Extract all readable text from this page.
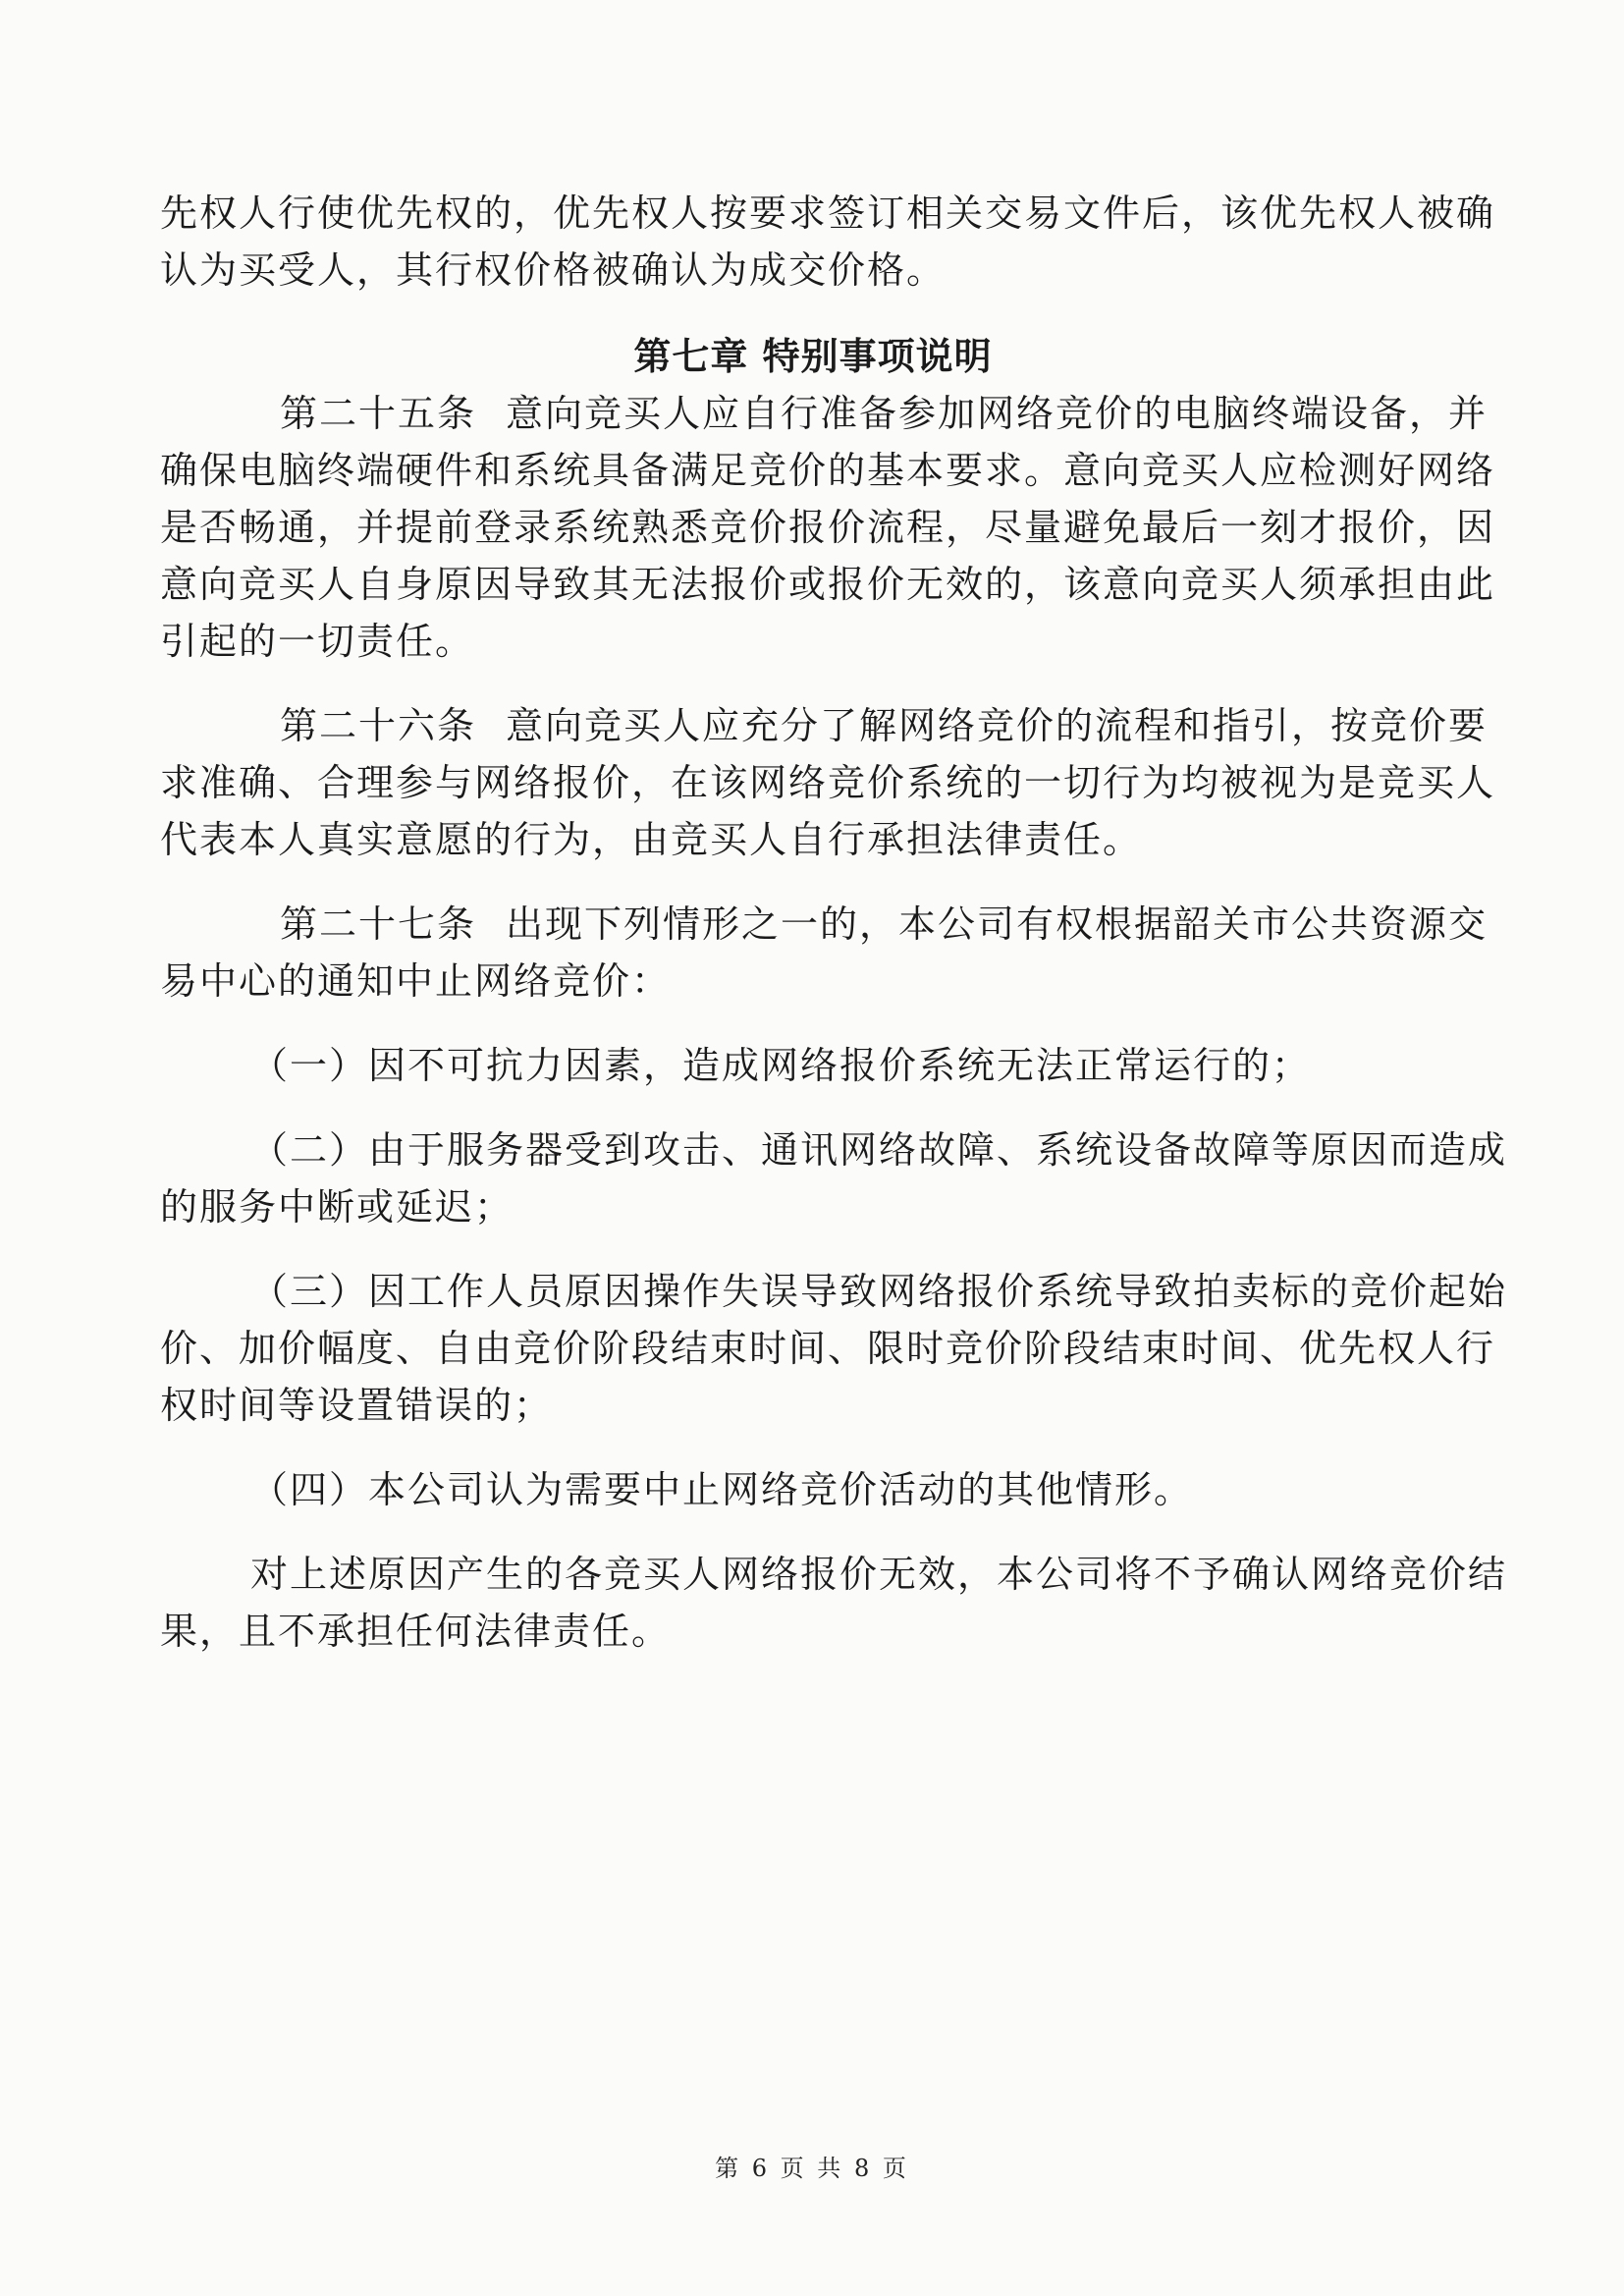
先权人行使优先权的，优先权人按要求签订相关交易文件后，该优先权人被确
认为买受人，其行权价格被确认为成交价格。
第七章 特别事项说明
第二十五条 意向竞买人应自行准备参加网络竞价的电脑终端设备，并
确保电脑终端硬件和系统具备满足竞价的基本要求。意向竞买人应检测好网络
是否畅通，并提前登录系统熟悉竞价报价流程，尽量避免最后一刻才报价，因
意向竞买人自身原因导致其无法报价或报价无效的，该意向竞买人须承担由此
引起的一切责任。
第二十六条 意向竞买人应充分了解网络竞价的流程和指引，按竞价要
求准确、合理参与网络报价，在该网络竞价系统的一切行为均被视为是竞买人
代表本人真实意愿的行为，由竞买人自行承担法律责任。
第二十七条 出现下列情形之一的，本公司有权根据韶关市公共资源交
易中心的通知中止网络竞价：
（一）因不可抗力因素，造成网络报价系统无法正常运行的；
（二）由于服务器受到攻击、通讯网络故障、系统设备故障等原因而造成
的服务中断或延迟；
（三）因工作人员原因操作失误导致网络报价系统导致拍卖标的竞价起始
价、加价幅度、自由竞价阶段结束时间、限时竞价阶段结束时间、优先权人行
权时间等设置错误的；
（四）本公司认为需要中止网络竞价活动的其他情形。
对上述原因产生的各竞买人网络报价无效，本公司将不予确认网络竞价结
果，且不承担任何法律责任。
第 6 页 共 8 页
